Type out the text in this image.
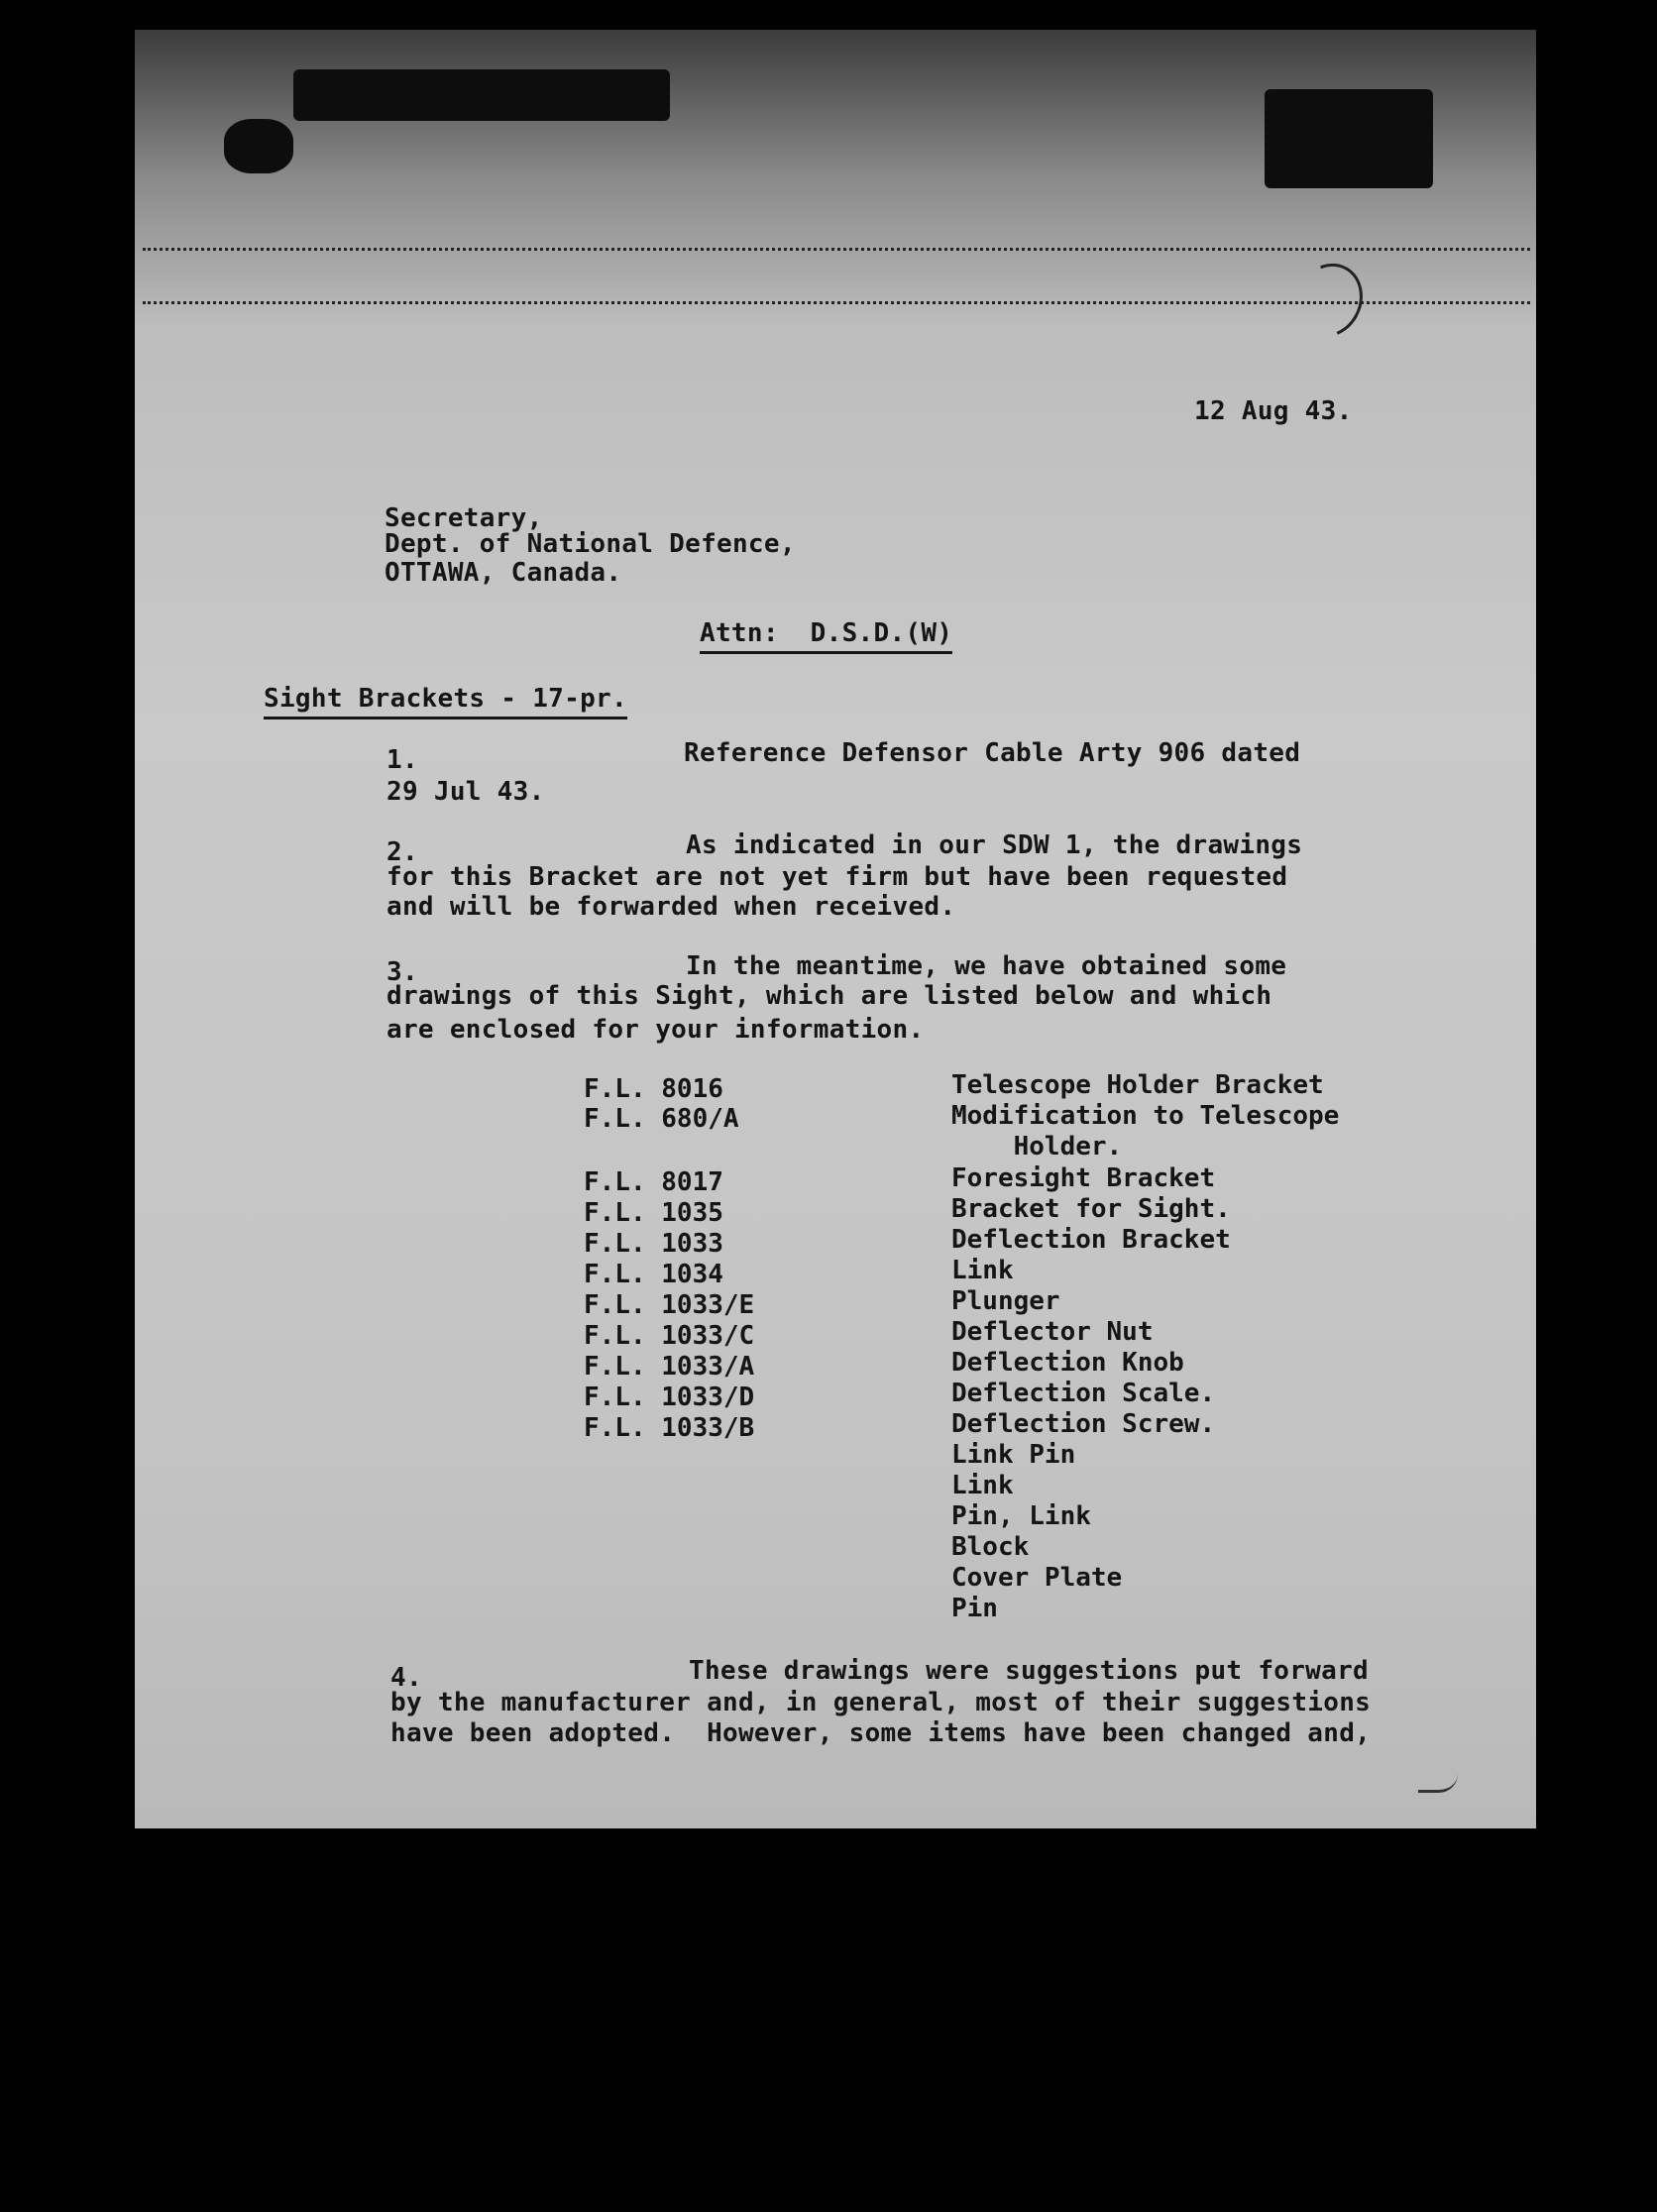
12 Aug 43.
Secretary,
Dept. of National Defence,
OTTAWA, Canada.
Attn:  D.S.D.(W)
Sight Brackets - 17-pr.
1.	Reference Defensor Cable Arty 906 dated
29 Jul 43.
2.	As indicated in our SDW 1, the drawings
for this Bracket are not yet firm but have been requested
and will be forwarded when received.
3.	In the meantime, we have obtained some
drawings of this Sight, which are listed below and which
are enclosed for your information.
F.L. 8016	Telescope Holder Bracket
F.L. 680/A	Modification to Telescope
Holder.
F.L. 8017	Foresight Bracket
F.L. 1035	Bracket for Sight.
F.L. 1033	Deflection Bracket
F.L. 1034	Link
F.L. 1033/E	Plunger
F.L. 1033/C	Deflector Nut
F.L. 1033/A	Deflection Knob
F.L. 1033/D	Deflection Scale.
F.L. 1033/B	Deflection Screw.
Link Pin
Link
Pin, Link
Block
Cover Plate
Pin
4.	These drawings were suggestions put forward
by the manufacturer and, in general, most of their suggestions
have been adopted.  However, some items have been changed and,
